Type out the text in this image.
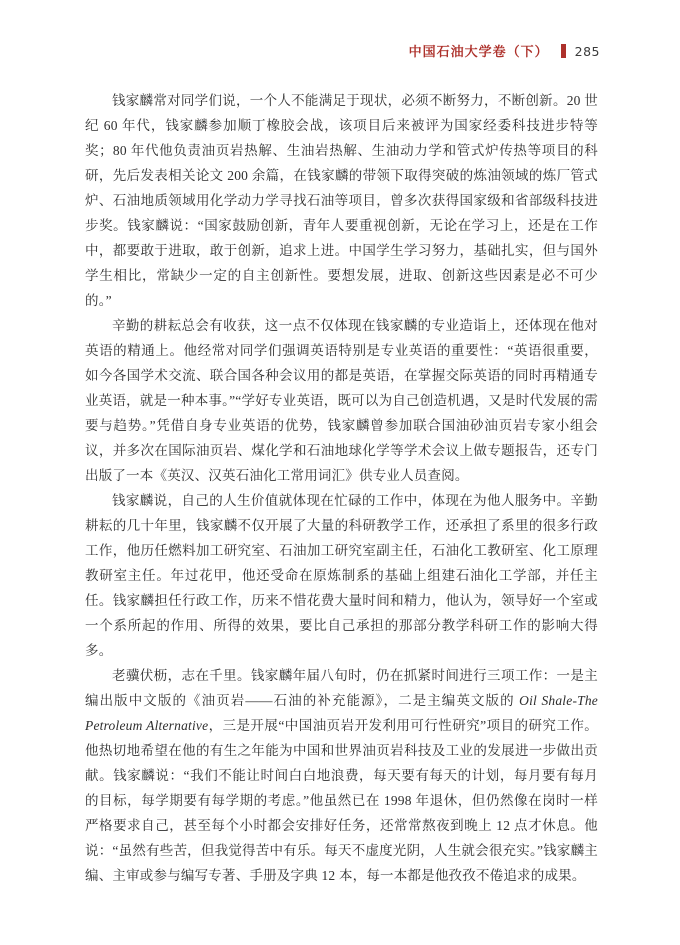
中国石油大学卷（下） 285

钱家麟常对同学们说，一个人不能满足于现状，必须不断努力，不断创新。20 世纪 60 年代，钱家麟参加顺丁橡胶会战，该项目后来被评为国家经委科技进步特等奖；80 年代他负责油页岩热解、生油岩热解、生油动力学和管式炉传热等项目的科研，先后发表相关论文 200 余篇，在钱家麟的带领下取得突破的炼油领域的炼厂管式炉、石油地质领域用化学动力学寻找石油等项目，曾多次获得国家级和省部级科技进步奖。钱家麟说：“国家鼓励创新，青年人要重视创新，无论在学习上，还是在工作中，都要敢于进取，敢于创新，追求上进。中国学生学习努力，基础扎实，但与国外学生相比，常缺少一定的自主创新性。要想发展，进取、创新这些因素是必不可少的。”

辛勤的耕耘总会有收获，这一点不仅体现在钱家麟的专业造诣上，还体现在他对英语的精通上。他经常对同学们强调英语特别是专业英语的重要性：“英语很重要，如今各国学术交流、联合国各种会议用的都是英语，在掌握交际英语的同时再精通专业英语，就是一种本事。”“学好专业英语，既可以为自己创造机遇，又是时代发展的需要与趋势。”凭借自身专业英语的优势，钱家麟曾参加联合国油砂油页岩专家小组会议，并多次在国际油页岩、煤化学和石油地球化学等学术会议上做专题报告，还专门出版了一本《英汉、汉英石油化工常用词汇》供专业人员查阅。

钱家麟说，自己的人生价值就体现在忙碌的工作中，体现在为他人服务中。辛勤耕耘的几十年里，钱家麟不仅开展了大量的科研教学工作，还承担了系里的很多行政工作，他历任燃料加工研究室、石油加工研究室副主任，石油化工教研室、化工原理教研室主任。年过花甲，他还受命在原炼制系的基础上组建石油化工学部，并任主任。钱家麟担任行政工作，历来不惜花费大量时间和精力，他认为，领导好一个室或一个系所起的作用、所得的效果，要比自己承担的那部分教学科研工作的影响大得多。

老骥伏枥，志在千里。钱家麟年届八旬时，仍在抓紧时间进行三项工作：一是主编出版中文版的《油页岩——石油的补充能源》，二是主编英文版的 Oil Shale-The Petroleum Alternative，三是开展“中国油页岩开发利用可行性研究”项目的研究工作。他热切地希望在他的有生之年能为中国和世界油页岩科技及工业的发展进一步做出贡献。钱家麟说：“我们不能让时间白白地浪费，每天要有每天的计划，每月要有每月的目标，每学期要有每学期的考虑。”他虽然已在 1998 年退休，但仍然像在岗时一样严格要求自己，甚至每个小时都会安排好任务，还常常熬夜到晚上 12 点才休息。他说：“虽然有些苦，但我觉得苦中有乐。每天不虚度光阴，人生就会很充实。”钱家麟主编、主审或参与编写专著、手册及字典 12 本，每一本都是他孜孜不倦追求的成果。
